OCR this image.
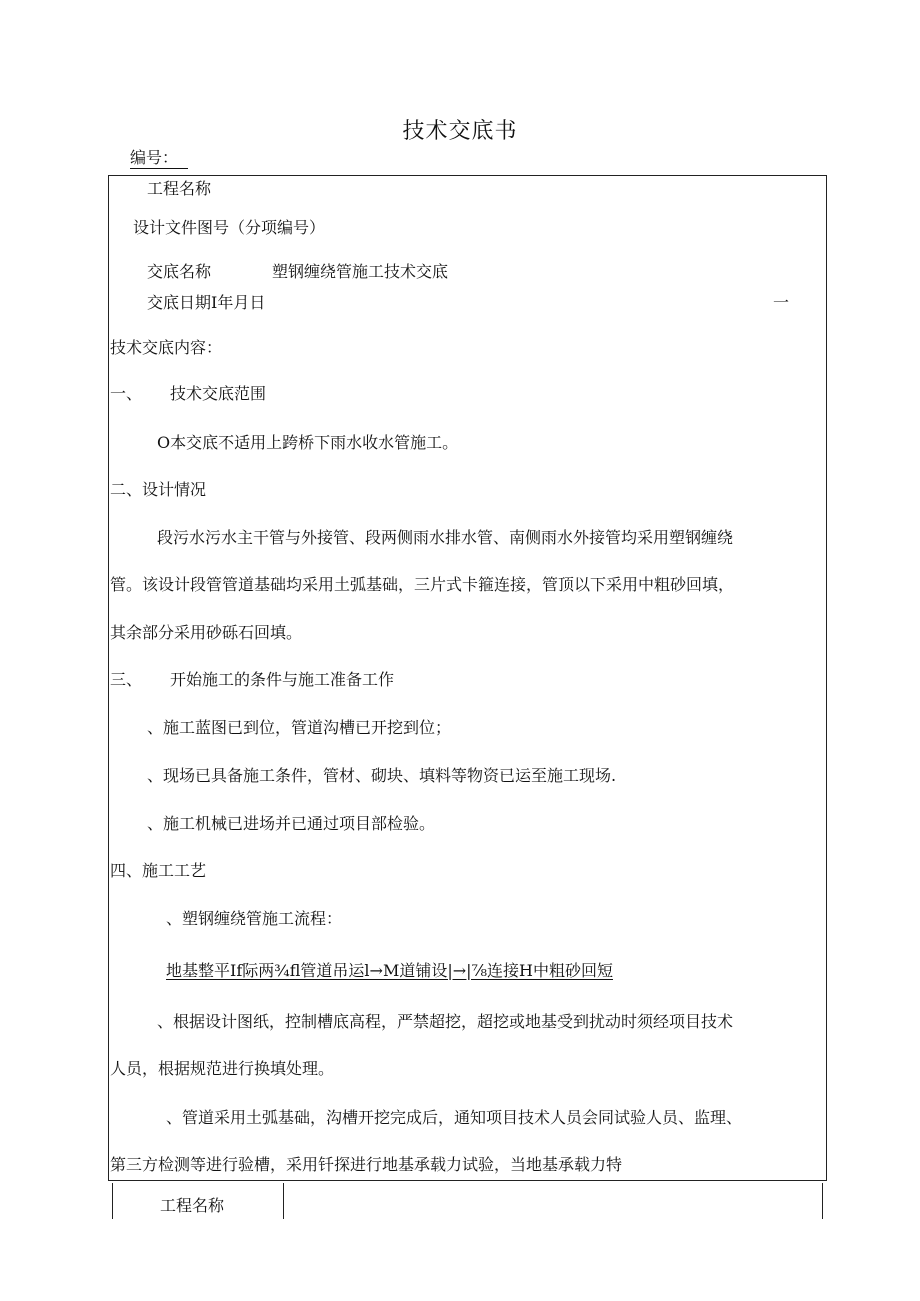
技术交底书
编号：
工程名称
设计文件图号（分项编号）
交底名称	塑钢缠绕管施工技术交底
交底日期I年月日	一
技术交底内容：
一、 技术交底范围
O本交底不适用上跨桥下雨水收水管施工。
二、设计情况
段污水污水主干管与外接管、段两侧雨水排水管、南侧雨水外接管均采用塑钢缠绕
管。该设计段管管道基础均采用土弧基础，三片式卡箍连接，管顶以下采用中粗砂回填，
其余部分采用砂砾石回填。
三、 开始施工的条件与施工准备工作
、施工蓝图已到位，管道沟槽已开挖到位；
、现场已具备施工条件，管材、砌块、填料等物资已运至施工现场.
、施工机械已进场并已通过项目部检验。
四、施工工艺
、塑钢缠绕管施工流程：
地基整平If际两¾fl管道吊运l→M道铺设|→|⅞连接H中粗砂回短
、根据设计图纸，控制槽底高程，严禁超挖，超挖或地基受到扰动时须经项目技术
人员，根据规范进行换填处理。
、管道采用土弧基础，沟槽开挖完成后，通知项目技术人员会同试验人员、监理、
第三方检测等进行验槽，采用钎探进行地基承载力试验，当地基承载力特
工程名称
